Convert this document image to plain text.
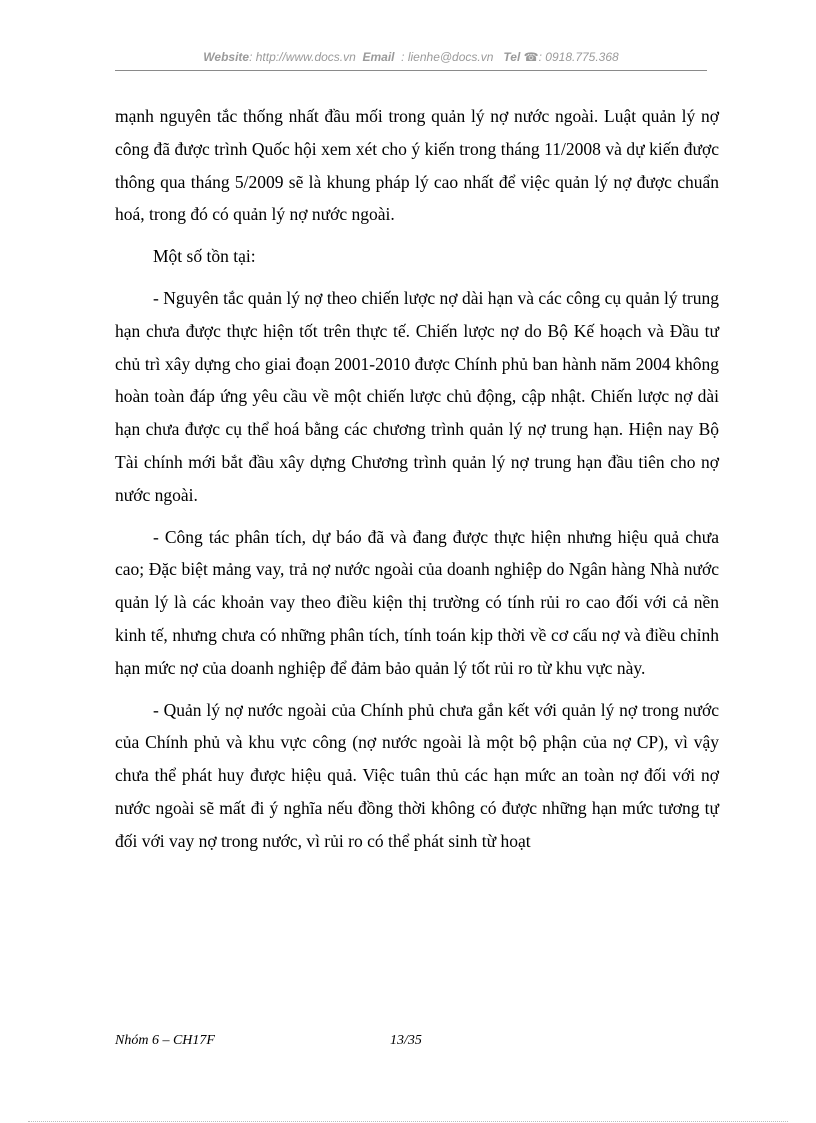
Website: http://www.docs.vn Email : lienhe@docs.vn Tel ☎: 0918.775.368

mạnh nguyên tắc thống nhất đầu mối trong quản lý nợ nước ngoài. Luật quản lý nợ công đã được trình Quốc hội xem xét cho ý kiến trong tháng 11/2008 và dự kiến được thông qua tháng 5/2009 sẽ là khung pháp lý cao nhất để việc quản lý nợ được chuẩn hoá, trong đó có quản lý nợ nước ngoài.

Một số tồn tại:

- Nguyên tắc quản lý nợ theo chiến lược nợ dài hạn và các công cụ quản lý trung hạn chưa được thực hiện tốt trên thực tế. Chiến lược nợ do Bộ Kế hoạch và Đầu tư chủ trì xây dựng cho giai đoạn 2001-2010 được Chính phủ ban hành năm 2004 không hoàn toàn đáp ứng yêu cầu về một chiến lược chủ động, cập nhật. Chiến lược nợ dài hạn chưa được cụ thể hoá bằng các chương trình quản lý nợ trung hạn. Hiện nay Bộ Tài chính mới bắt đầu xây dựng Chương trình quản lý nợ trung hạn đầu tiên cho nợ nước ngoài.

- Công tác phân tích, dự báo đã và đang được thực hiện nhưng hiệu quả chưa cao; Đặc biệt mảng vay, trả nợ nước ngoài của doanh nghiệp do Ngân hàng Nhà nước quản lý là các khoản vay theo điều kiện thị trường có tính rủi ro cao đối với cả nền kinh tế, nhưng chưa có những phân tích, tính toán kịp thời về cơ cấu nợ và điều chỉnh hạn mức nợ của doanh nghiệp để đảm bảo quản lý tốt rủi ro từ khu vực này.

- Quản lý nợ nước ngoài của Chính phủ chưa gắn kết với quản lý nợ trong nước của Chính phủ và khu vực công (nợ nước ngoài là một bộ phận của nợ CP), vì vậy chưa thể phát huy được hiệu quả. Việc tuân thủ các hạn mức an toàn nợ đối với nợ nước ngoài sẽ mất đi ý nghĩa nếu đồng thời không có được những hạn mức tương tự đối với vay nợ trong nước, vì rủi ro có thể phát sinh từ hoạt

Nhóm 6 – CH17F	13/35
